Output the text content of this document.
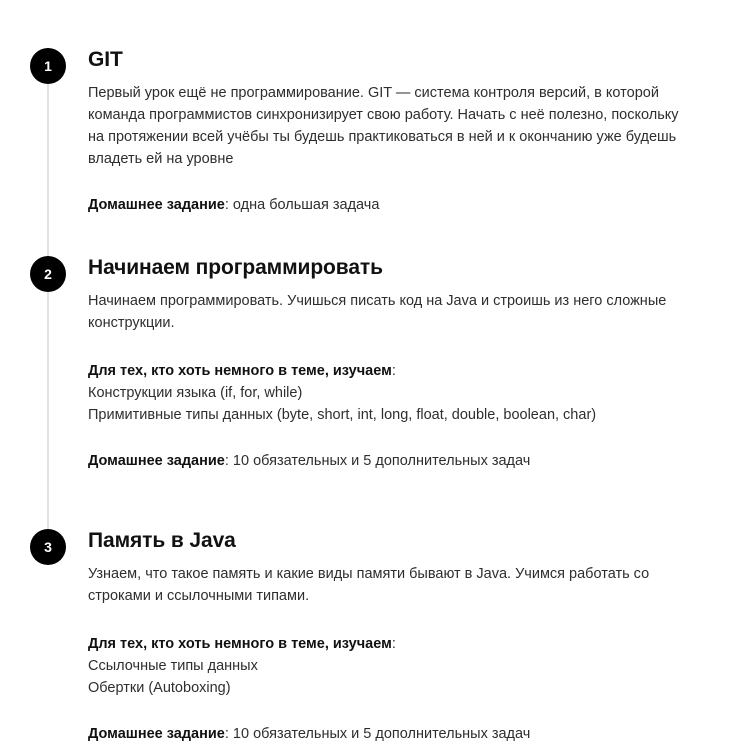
1	GIT

Первый урок ещё не программирование. GIT — система контроля версий, в которой команда программистов синхронизирует свою работу. Начать с неё полезно, поскольку на протяжении всей учёбы ты будешь практиковаться в ней и к окончанию уже будешь владеть ей на уровне

Домашнее задание: одна большая задача

2	Начинаем программировать

Начинаем программировать. Учишься писать код на Java и строишь из него сложные конструкции.

Для тех, кто хоть немного в теме, изучаем:
Конструкции языка (if, for, while)
Примитивные типы данных (byte, short, int, long, float, double, boolean, char)

Домашнее задание: 10 обязательных и 5 дополнительных задач

3	Память в Java

Узнаем, что такое память и какие виды памяти бывают в Java. Учимся работать со строками и ссылочными типами.

Для тех, кто хоть немного в теме, изучаем:
Ссылочные типы данных
Обертки (Autoboxing)

Домашнее задание: 10 обязательных и 5 дополнительных задач
